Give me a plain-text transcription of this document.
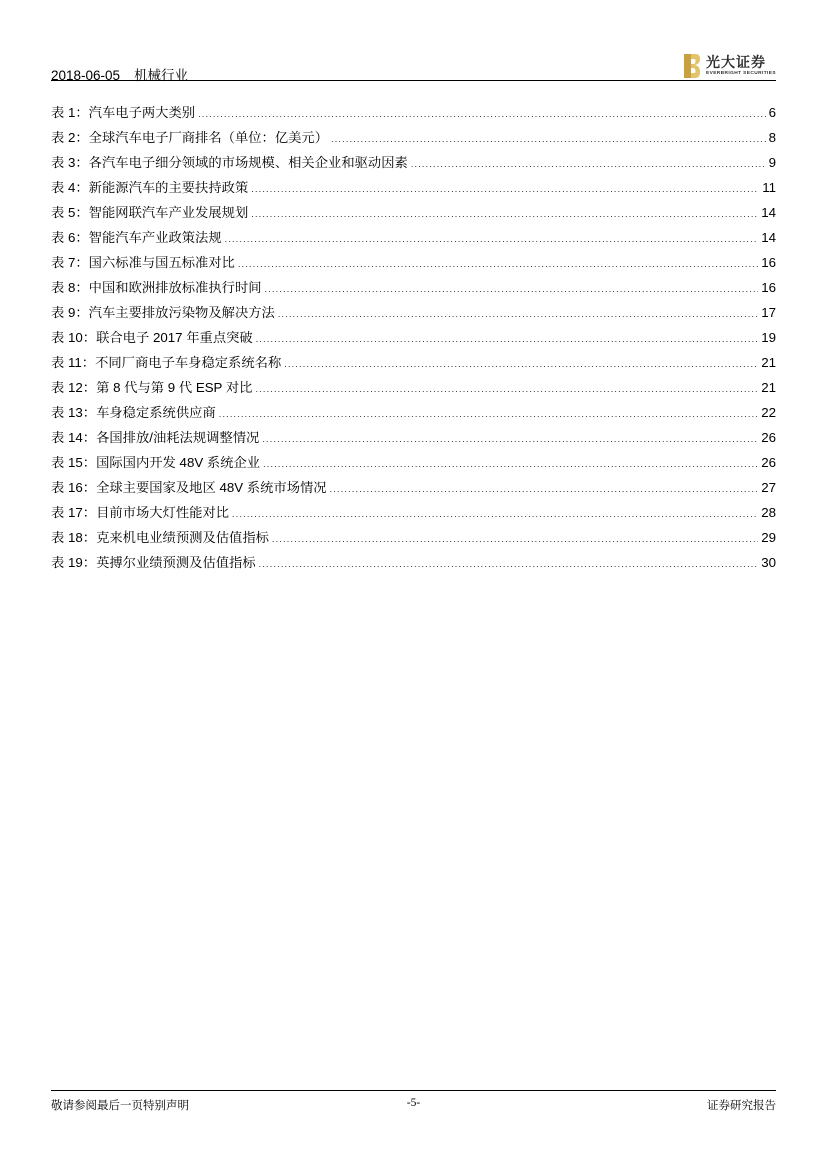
2018-06-05 机械行业
光大证券
EVERBRIGHT SECURITIES
表 1：汽车电子两大类别 .....	6
表 2：全球汽车电子厂商排名（单位：亿美元） .....	8
表 3：各汽车电子细分领域的市场规模、相关企业和驱动因素 .....	9
表 4：新能源汽车的主要扶持政策 .....	11
表 5：智能网联汽车产业发展规划 .....	14
表 6：智能汽车产业政策法规 .....	14
表 7：国六标准与国五标准对比 .....	16
表 8：中国和欧洲排放标准执行时间 .....	16
表 9：汽车主要排放污染物及解决方法 .....	17
表 10：联合电子 2017 年重点突破 .....	19
表 11：不同厂商电子车身稳定系统名称 .....	21
表 12：第 8 代与第 9 代 ESP 对比 .....	21
表 13：车身稳定系统供应商 .....	22
表 14：各国排放/油耗法规调整情况 .....	26
表 15：国际国内开发 48V 系统企业 .....	26
表 16：全球主要国家及地区 48V 系统市场情况 .....	27
表 17：目前市场大灯性能对比 .....	28
表 18：克来机电业绩预测及估值指标 .....	29
表 19：英搏尔业绩预测及估值指标 .....	30
敬请参阅最后一页特别声明	-5-	证券研究报告
